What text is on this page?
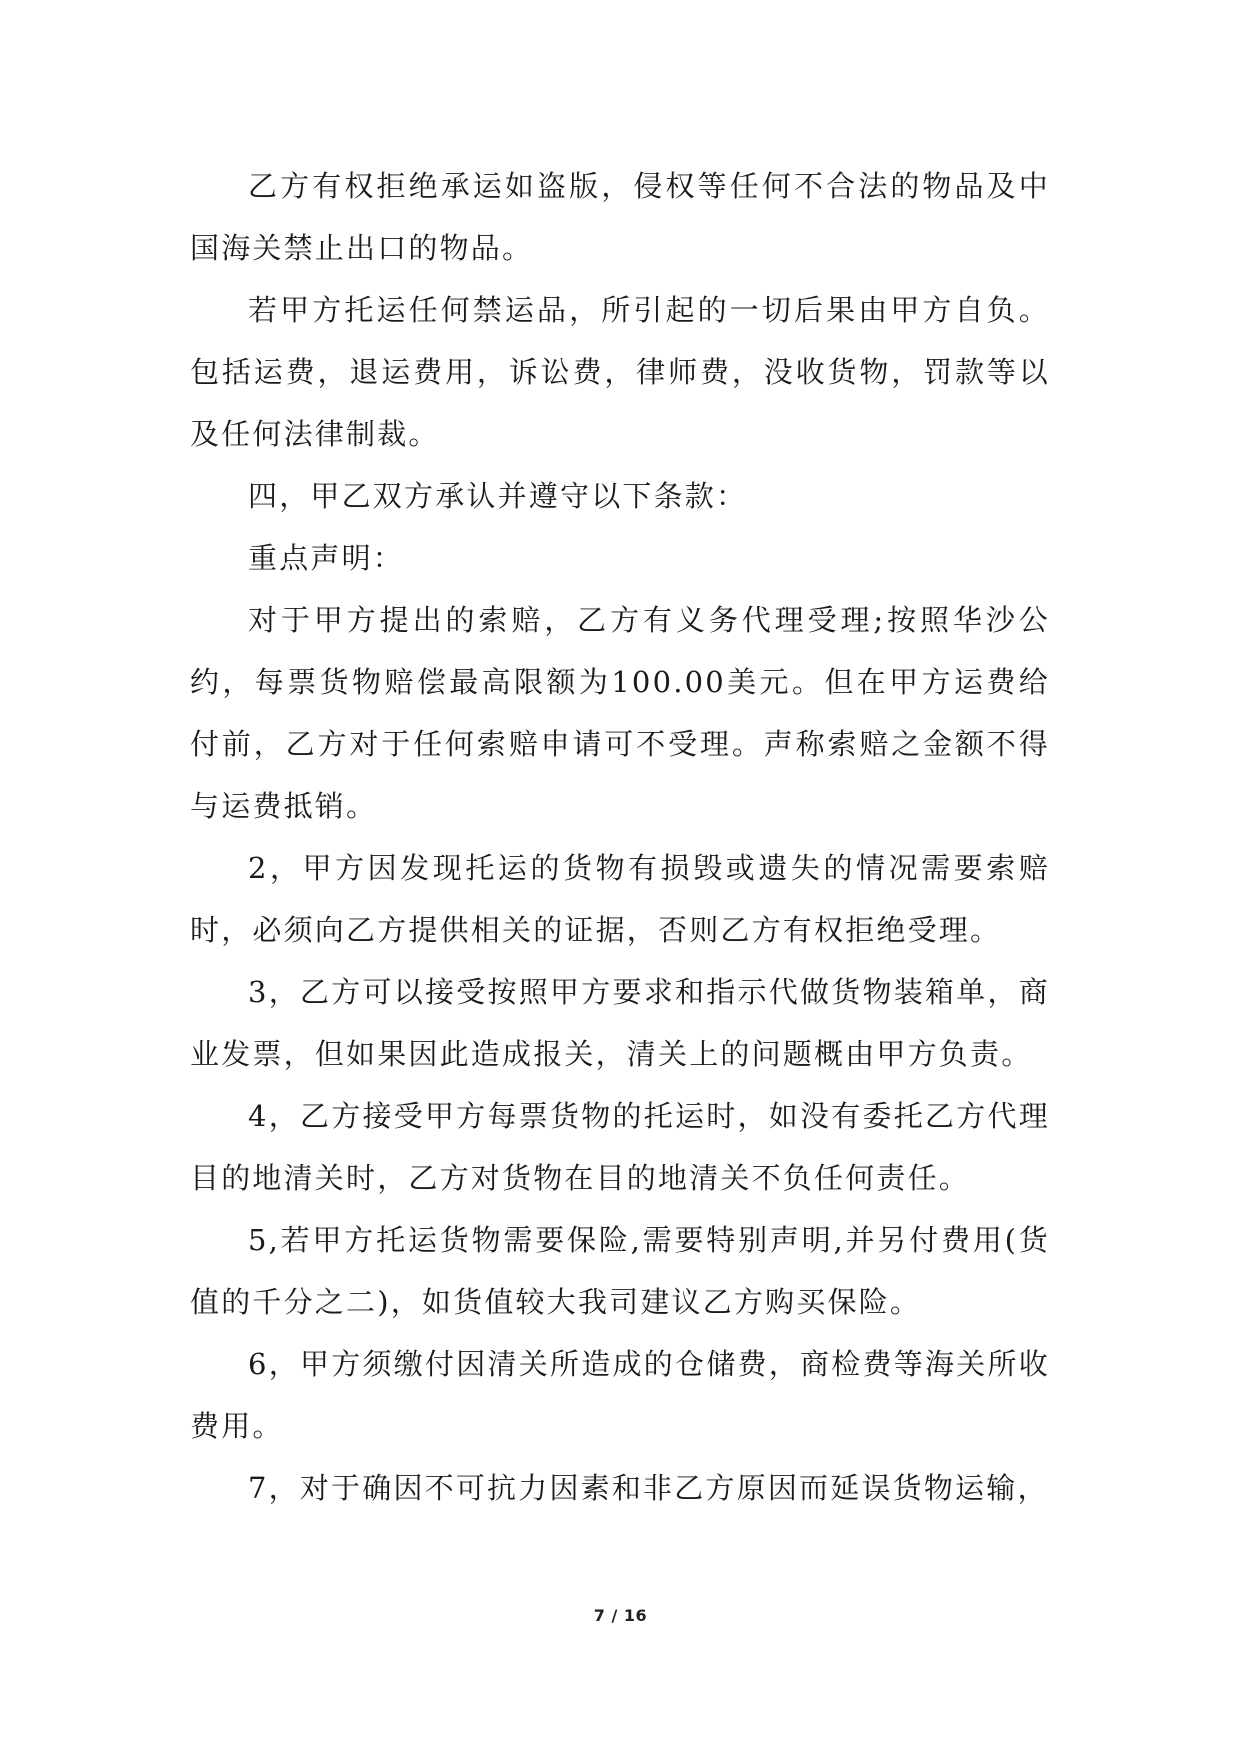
乙方有权拒绝承运如盗版，侵权等任何不合法的物品及中国海关禁止出口的物品。

若甲方托运任何禁运品，所引起的一切后果由甲方自负。包括运费，退运费用，诉讼费，律师费，没收货物，罚款等以及任何法律制裁。

四，甲乙双方承认并遵守以下条款：

重点声明：

对于甲方提出的索赔，乙方有义务代理受理;按照华沙公约，每票货物赔偿最高限额为100.00美元。但在甲方运费给付前，乙方对于任何索赔申请可不受理。声称索赔之金额不得与运费抵销。

2，甲方因发现托运的货物有损毁或遗失的情况需要索赔时，必须向乙方提供相关的证据，否则乙方有权拒绝受理。

3，乙方可以接受按照甲方要求和指示代做货物装箱单，商业发票，但如果因此造成报关，清关上的问题概由甲方负责。

4，乙方接受甲方每票货物的托运时，如没有委托乙方代理目的地清关时，乙方对货物在目的地清关不负任何责任。

5,若甲方托运货物需要保险,需要特别声明,并另付费用(货值的千分之二)，如货值较大我司建议乙方购买保险。

6，甲方须缴付因清关所造成的仓储费，商检费等海关所收费用。

7，对于确因不可抗力因素和非乙方原因而延误货物运输，

7 / 16
